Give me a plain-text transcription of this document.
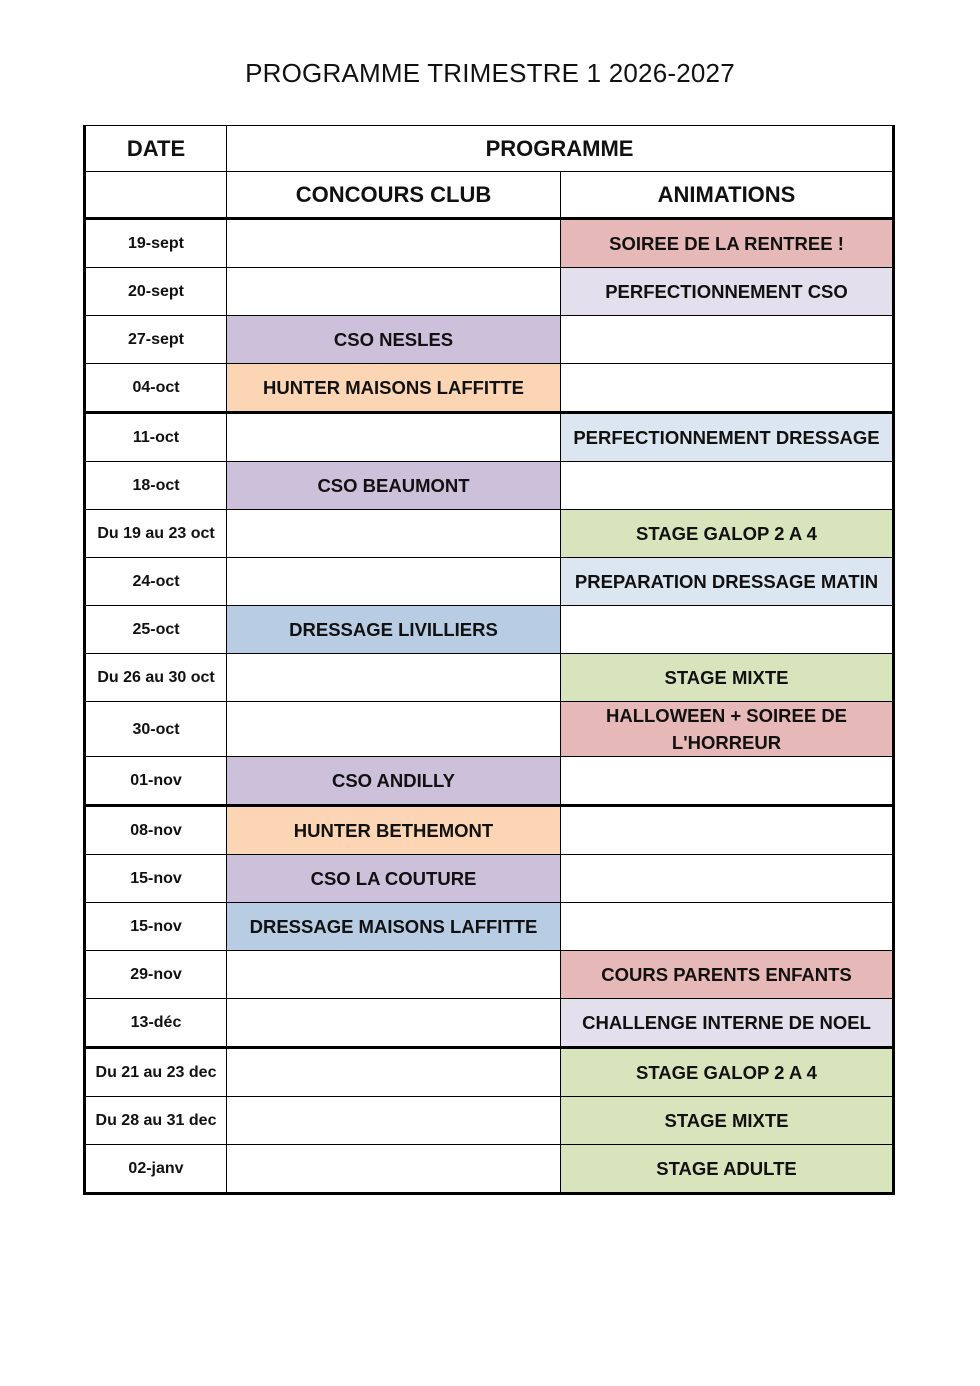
PROGRAMME TRIMESTRE 1 2026-2027
DATE	PROGRAMME	
	CONCOURS CLUB	ANIMATIONS
19-sept		SOIREE DE LA RENTREE !
20-sept		PERFECTIONNEMENT CSO
27-sept	CSO NESLES	
04-oct	HUNTER MAISONS LAFFITTE	
11-oct		PERFECTIONNEMENT DRESSAGE
18-oct	CSO BEAUMONT	
Du 19 au 23 oct		STAGE GALOP 2 A 4
24-oct		PREPARATION DRESSAGE MATIN
25-oct	DRESSAGE LIVILLIERS	
Du 26 au 30 oct		STAGE MIXTE
30-oct		HALLOWEEN + SOIREE DE L'HORREUR
01-nov	CSO ANDILLY	
08-nov	HUNTER BETHEMONT	
15-nov	CSO LA COUTURE	
15-nov	DRESSAGE MAISONS LAFFITTE	
29-nov		COURS PARENTS ENFANTS
13-déc		CHALLENGE INTERNE DE NOEL
Du 21 au 23 dec		STAGE GALOP 2 A 4
Du 28 au 31 dec		STAGE MIXTE
02-janv		STAGE ADULTE
